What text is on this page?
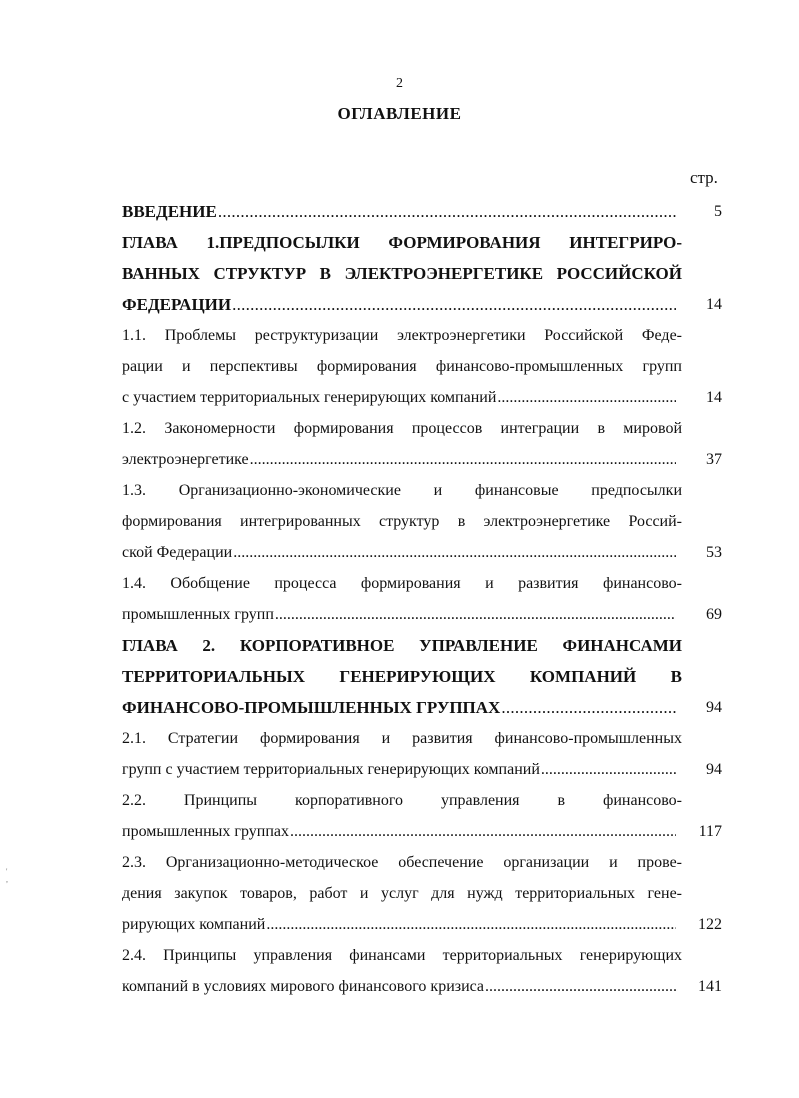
2
ОГЛАВЛЕНИЕ
стр.
ВВЕДЕНИЕ . . .	5
ГЛАВА 1.ПРЕДПОСЫЛКИ ФОРМИРОВАНИЯ ИНТЕГРИРО-
ВАННЫХ СТРУКТУР В ЭЛЕКТРОЭНЕРГЕТИКЕ РОССИЙСКОЙ
ФЕДЕРАЦИИ . . .	14
1.1. Проблемы реструктуризации электроэнергетики Российской Феде-
рации и перспективы формирования финансово-промышленных групп
с участием территориальных генерирующих компаний . . .	14
1.2. Закономерности формирования процессов интеграции в мировой
электроэнергетике . . .	37
1.3. Организационно-экономические и финансовые предпосылки
формирования интегрированных структур в электроэнергетике Россий-
ской Федерации . . .	53
1.4. Обобщение процесса формирования и развития финансово-
промышленных групп . . .	69
ГЛАВА 2. КОРПОРАТИВНОЕ УПРАВЛЕНИЕ ФИНАНСАМИ
ТЕРРИТОРИАЛЬНЫХ ГЕНЕРИРУЮЩИХ КОМПАНИЙ В
ФИНАНСОВО-ПРОМЫШЛЕННЫХ ГРУППАХ . . .	94
2.1. Стратегии формирования и развития финансово-промышленных
групп с участием территориальных генерирующих компаний . . .	94
2.2. Принципы корпоративного управления в финансово-
промышленных группах . . .	117
2.3. Организационно-методическое обеспечение организации и прове-
дения закупок товаров, работ и услуг для нужд территориальных гене-
рирующих компаний . . .	122
2.4. Принципы управления финансами территориальных генерирующих
компаний в условиях мирового финансового кризиса . . .	141
'
,
